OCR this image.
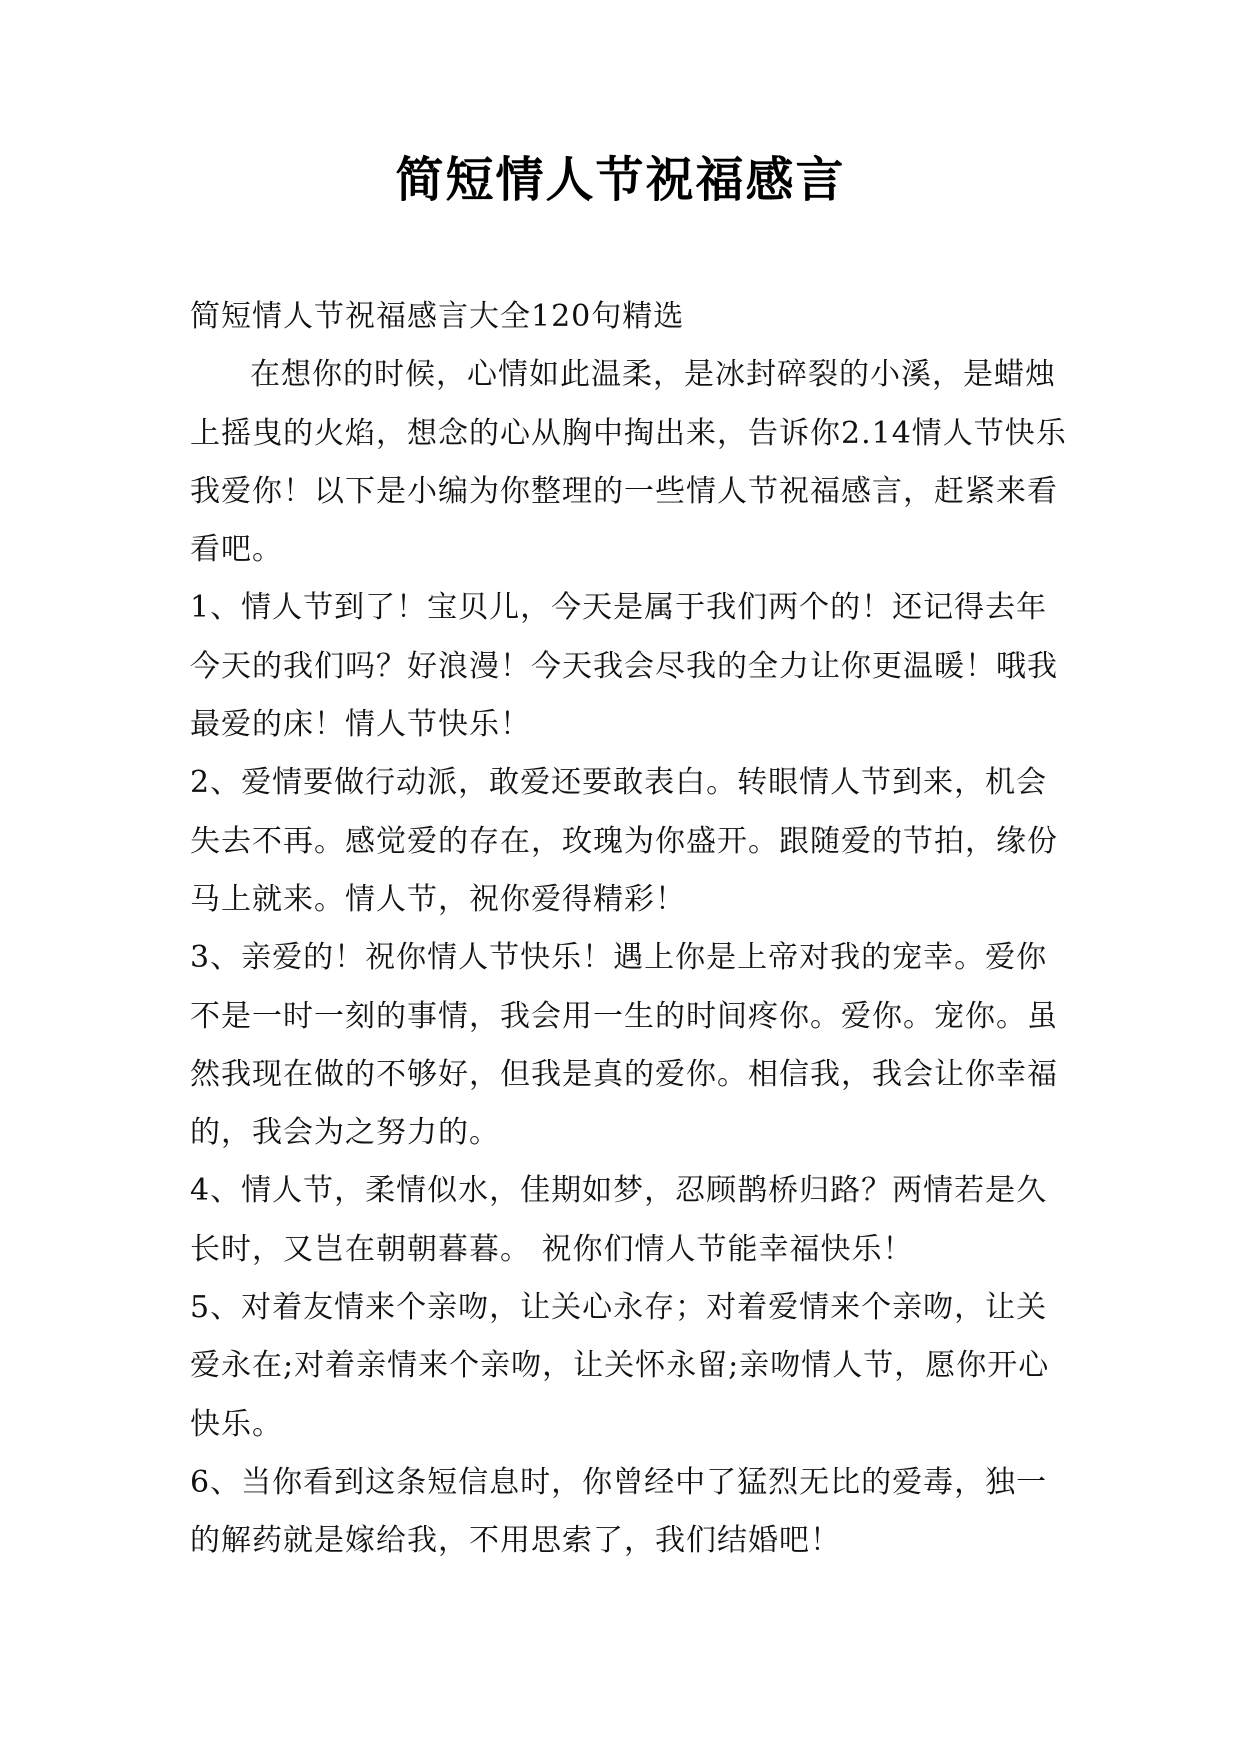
简短情人节祝福感言

简短情人节祝福感言大全120句精选

在想你的时候，心情如此温柔，是冰封碎裂的小溪，是蜡烛上摇曳的火焰，想念的心从胸中掏出来，告诉你2.14情人节快乐我爱你！以下是小编为你整理的一些情人节祝福感言，赶紧来看看吧。

1、情人节到了！宝贝儿，今天是属于我们两个的！还记得去年今天的我们吗？好浪漫！今天我会尽我的全力让你更温暖！哦我最爱的床！情人节快乐！

2、爱情要做行动派，敢爱还要敢表白。转眼情人节到来，机会失去不再。感觉爱的存在，玫瑰为你盛开。跟随爱的节拍，缘份马上就来。情人节，祝你爱得精彩！

3、亲爱的！祝你情人节快乐！遇上你是上帝对我的宠幸。爱你不是一时一刻的事情，我会用一生的时间疼你。爱你。宠你。虽然我现在做的不够好，但我是真的爱你。相信我，我会让你幸福的，我会为之努力的。

4、情人节，柔情似水，佳期如梦，忍顾鹊桥归路？两情若是久长时，又岂在朝朝暮暮。 祝你们情人节能幸福快乐！

5、对着友情来个亲吻，让关心永存；对着爱情来个亲吻，让关爱永在;对着亲情来个亲吻，让关怀永留;亲吻情人节，愿你开心快乐。

6、当你看到这条短信息时，你曾经中了猛烈无比的爱毒，独一的解药就是嫁给我，不用思索了，我们结婚吧！
